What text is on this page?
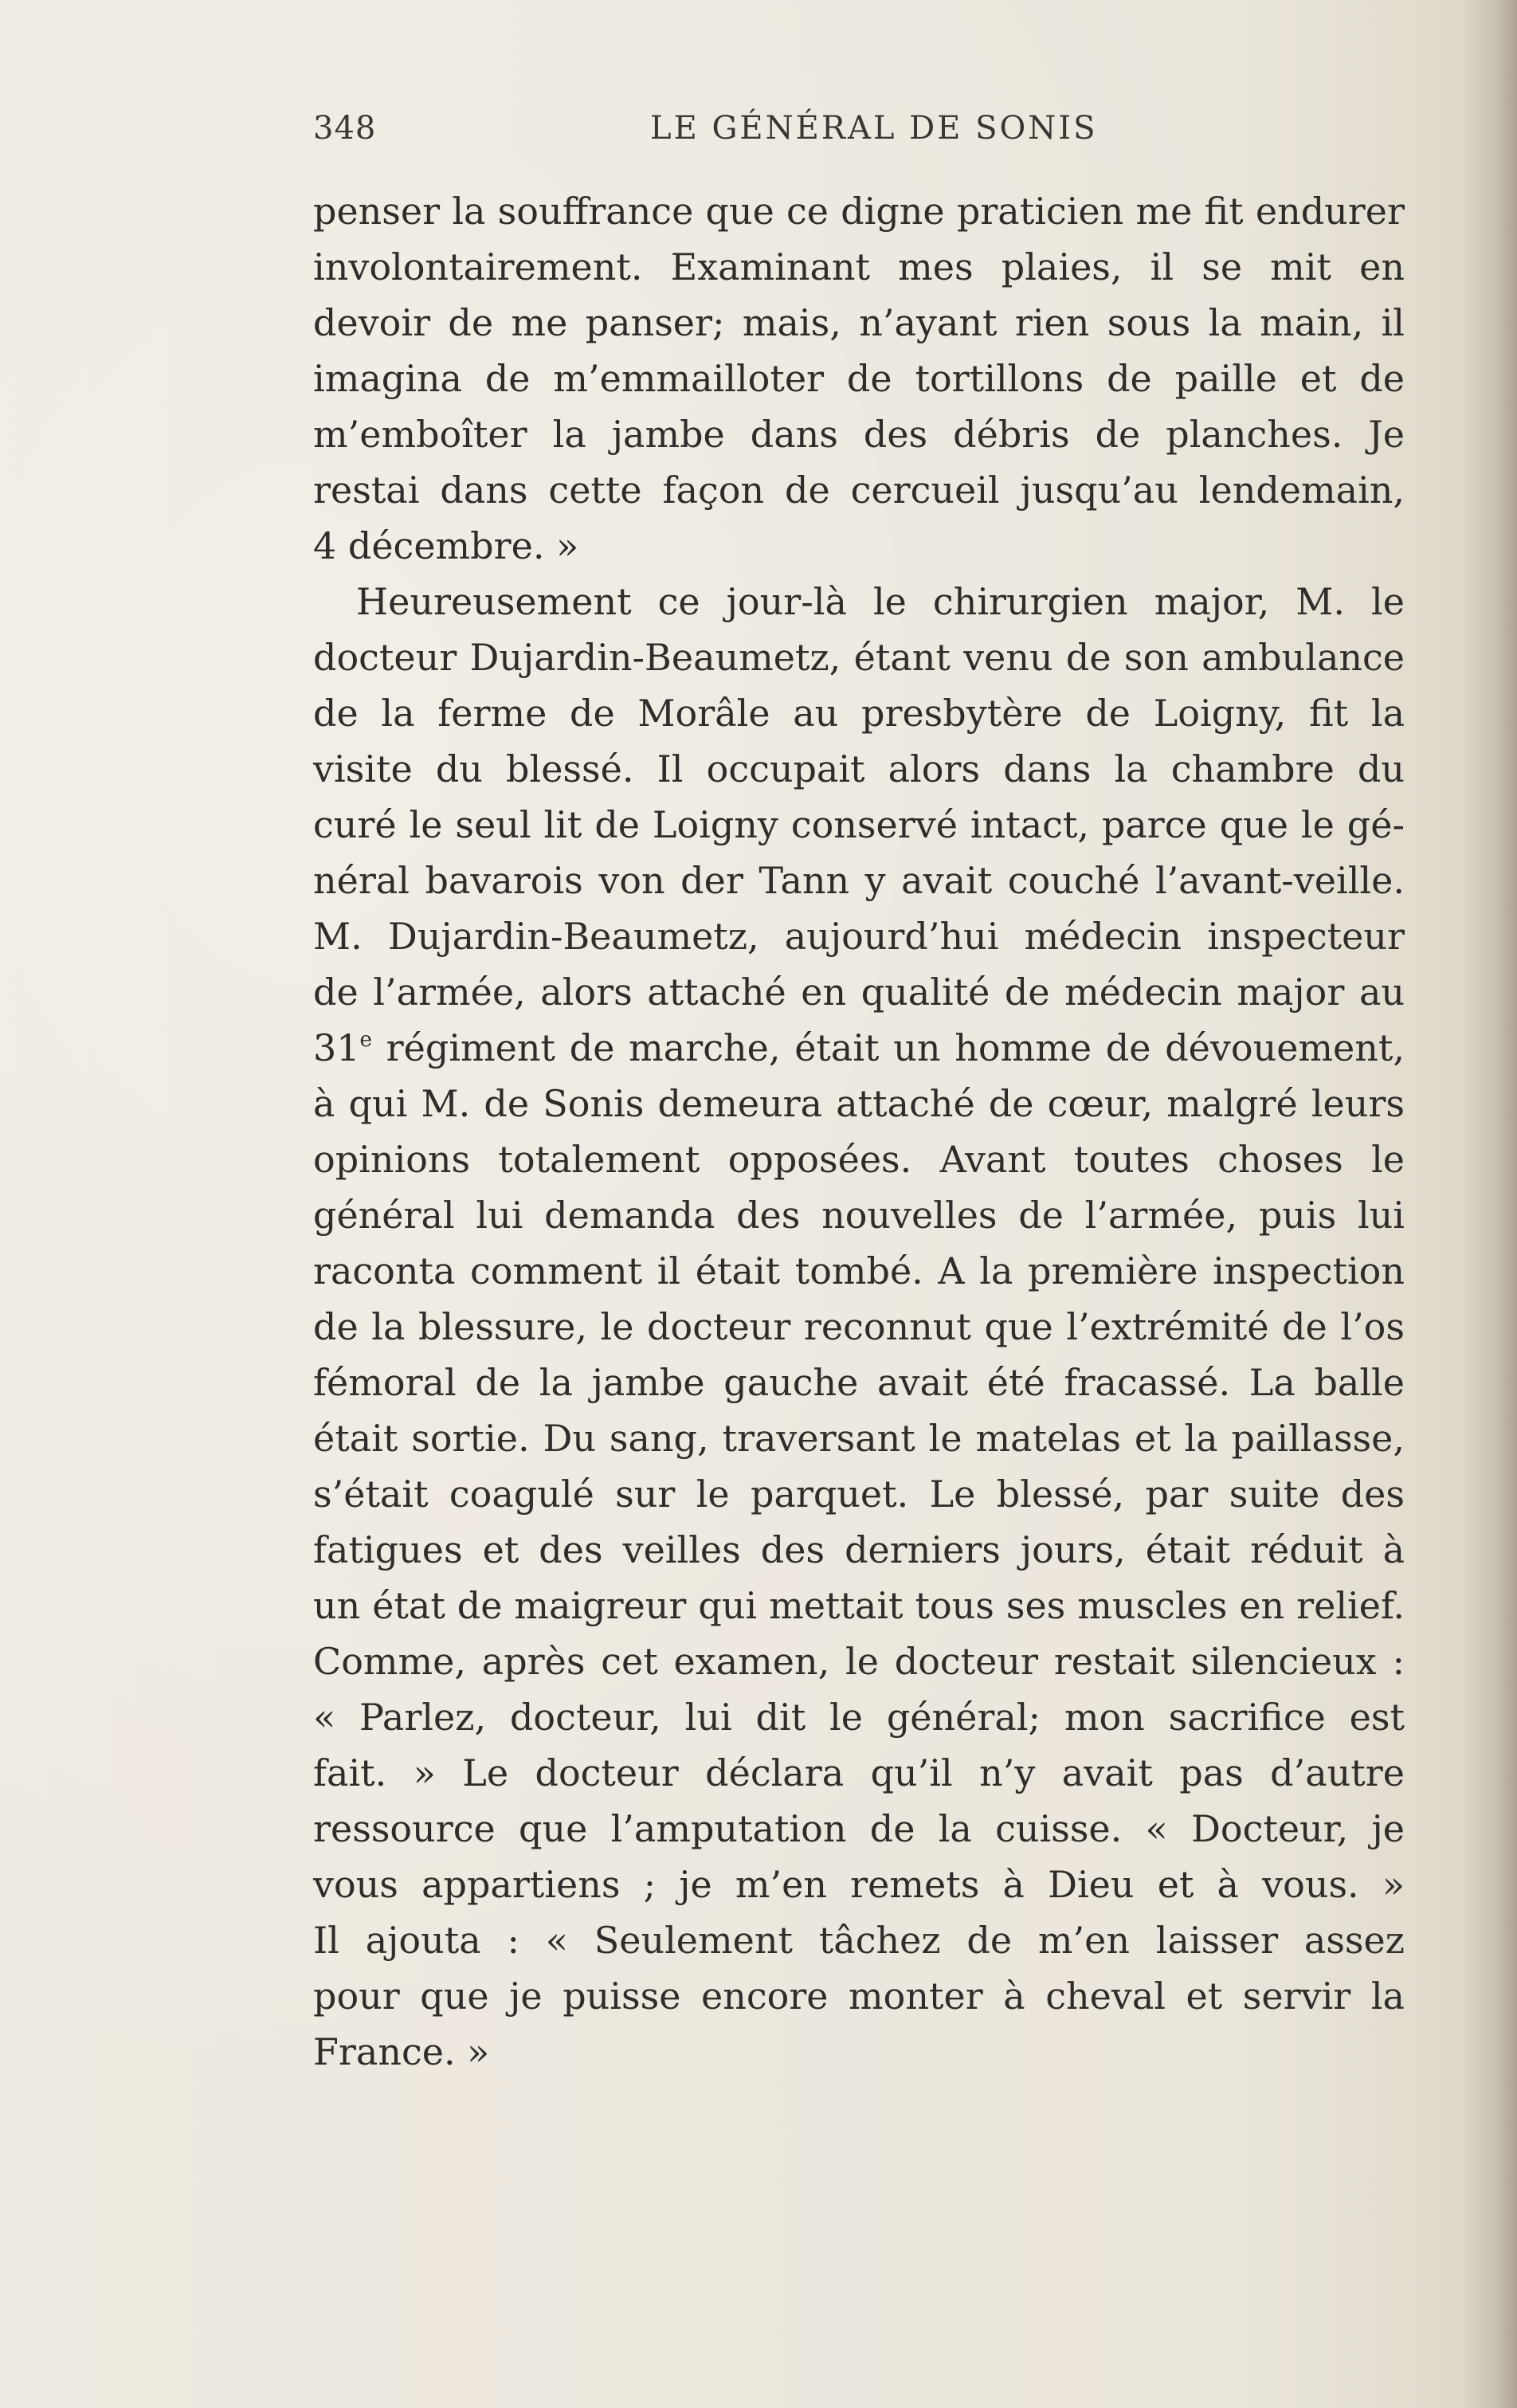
348	LE GÉNÉRAL DE SONIS
penser la souffrance que ce digne praticien me fit endurer
involontairement. Examinant mes plaies, il se mit en
devoir de me panser; mais, n’ayant rien sous la main, il
imagina de m’emmailloter de tortillons de paille et de
m’emboîter la jambe dans des débris de planches. Je
restai dans cette façon de cercueil jusqu’au lendemain,
4 décembre. »
Heureusement ce jour-là le chirurgien major, M. le
docteur Dujardin-Beaumetz, étant venu de son ambulance
de la ferme de Morâle au presbytère de Loigny, fit la
visite du blessé. Il occupait alors dans la chambre du
curé le seul lit de Loigny conservé intact, parce que le gé-
néral bavarois von der Tann y avait couché l’avant-veille.
M. Dujardin-Beaumetz, aujourd’hui médecin inspecteur
de l’armée, alors attaché en qualité de médecin major au
31e régiment de marche, était un homme de dévouement,
à qui M. de Sonis demeura attaché de cœur, malgré leurs
opinions totalement opposées. Avant toutes choses le
général lui demanda des nouvelles de l’armée, puis lui
raconta comment il était tombé. A la première inspection
de la blessure, le docteur reconnut que l’extrémité de l’os
fémoral de la jambe gauche avait été fracassé. La balle
était sortie. Du sang, traversant le matelas et la paillasse,
s’était coagulé sur le parquet. Le blessé, par suite des
fatigues et des veilles des derniers jours, était réduit à
un état de maigreur qui mettait tous ses muscles en relief.
Comme, après cet examen, le docteur restait silencieux :
« Parlez, docteur, lui dit le général; mon sacrifice est
fait. » Le docteur déclara qu’il n’y avait pas d’autre
ressource que l’amputation de la cuisse. « Docteur, je
vous appartiens ; je m’en remets à Dieu et à vous. »
Il ajouta : « Seulement tâchez de m’en laisser assez
pour que je puisse encore monter à cheval et servir la
France. »
